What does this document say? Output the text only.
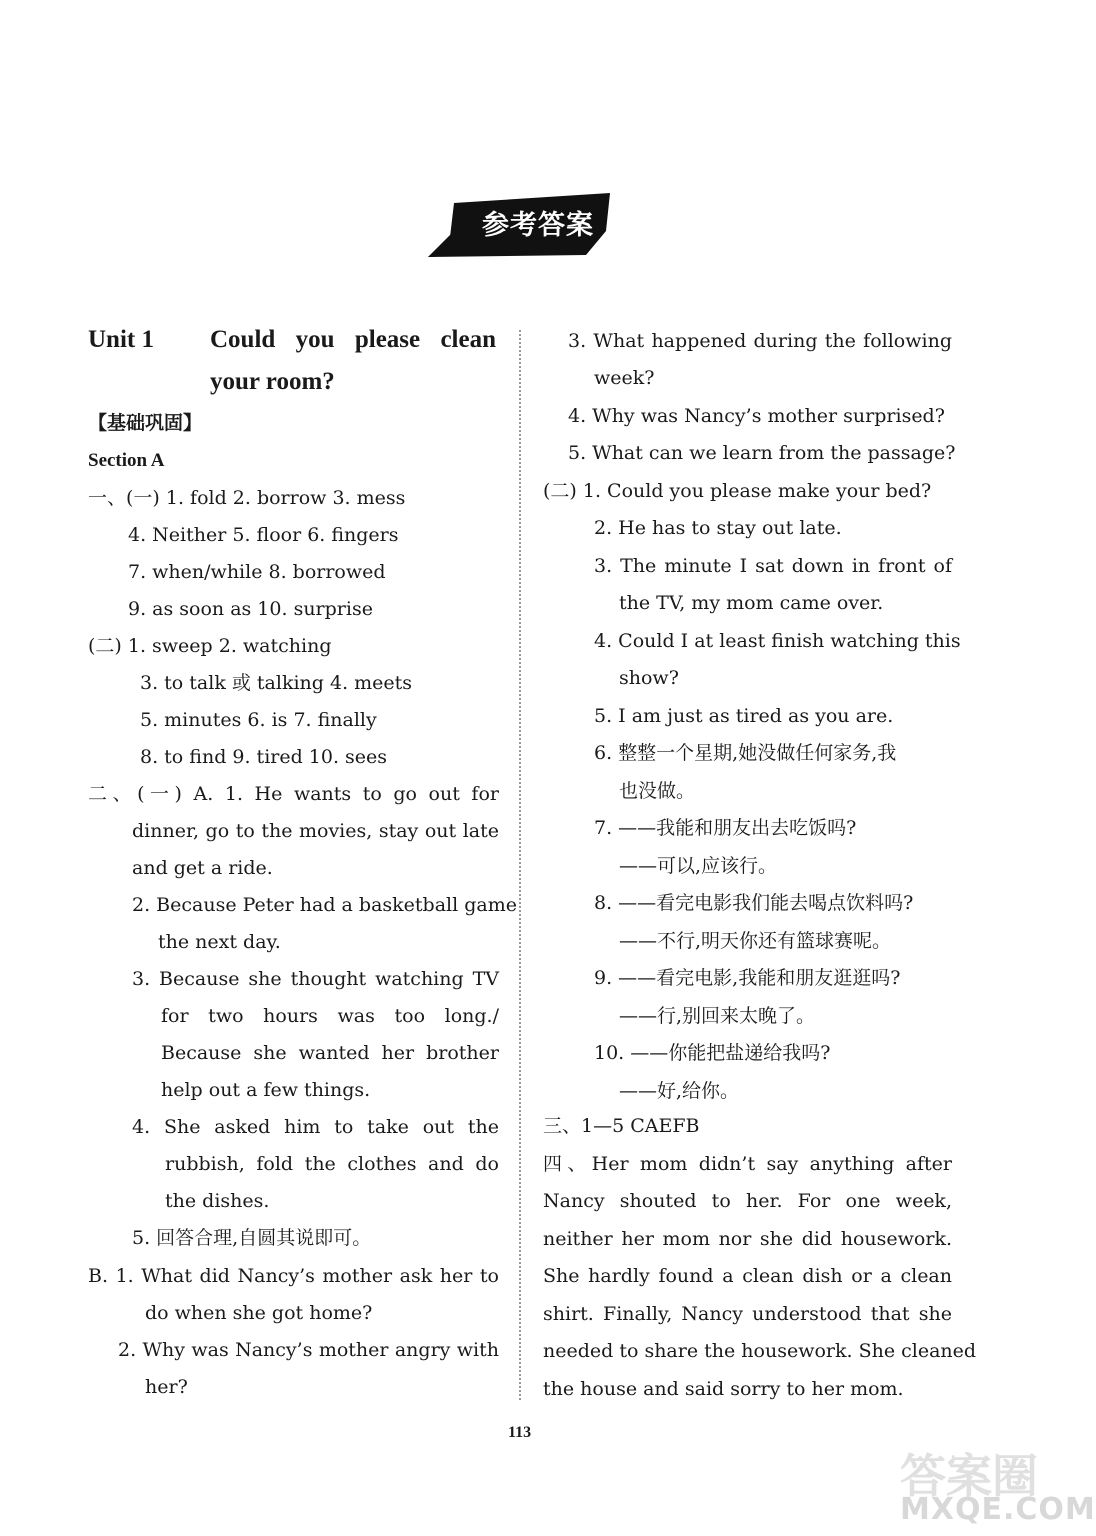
参考答案
Unit 1 Could you please clean
your room?
【基础巩固】
Section A
一、(一) 1. fold 2. borrow 3. mess
4. Neither 5. floor 6. fingers
7. when/while 8. borrowed
9. as soon as 10. surprise
(二) 1. sweep 2. watching
3. to talk 或 talking 4. meets
5. minutes 6. is 7. finally
8. to find 9. tired 10. sees
二、(一) A. 1. He wants to go out for
dinner, go to the movies, stay out late
and get a ride.
2. Because Peter had a basketball game
the next day.
3. Because she thought watching TV
for two hours was too long./
Because she wanted her brother
help out a few things.
4. She asked him to take out the
rubbish, fold the clothes and do
the dishes.
5. 回答合理,自圆其说即可。
B. 1. What did Nancy’s mother ask her to
do when she got home?
2. Why was Nancy’s mother angry with
her?
3. What happened during the following
week?
4. Why was Nancy’s mother surprised?
5. What can we learn from the passage?
(二) 1. Could you please make your bed?
2. He has to stay out late.
3. The minute I sat down in front of
the TV, my mom came over.
4. Could I at least finish watching this
show?
5. I am just as tired as you are.
6. 整整一个星期,她没做任何家务,我
也没做。
7. ——我能和朋友出去吃饭吗?
——可以,应该行。
8. ——看完电影我们能去喝点饮料吗?
——不行,明天你还有篮球赛呢。
9. ——看完电影,我能和朋友逛逛吗?
——行,别回来太晚了。
10. ——你能把盐递给我吗?
——好,给你。
三、1—5 CAEFB
四、Her mom didn’t say anything after
Nancy shouted to her. For one week,
neither her mom nor she did housework.
She hardly found a clean dish or a clean
shirt. Finally, Nancy understood that she
needed to share the housework. She cleaned
the house and said sorry to her mom.
113
答案圈
MXQE.COM
